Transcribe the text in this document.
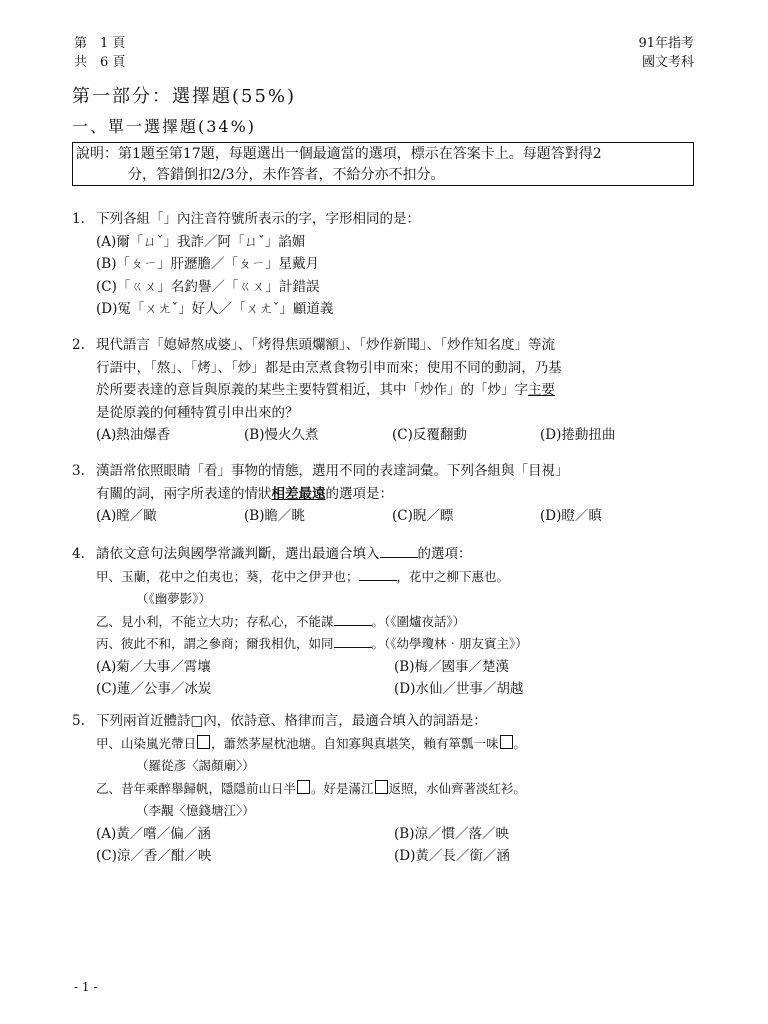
第　1 頁
共　6 頁
91年指考
國文考科
第一部分：選擇題(55%)
一、單一選擇題(34%)
說明：第1題至第17題，每題選出一個最適當的選項，標示在答案卡上。每題答對得2
分，答錯倒扣2/3分，未作答者，不給分亦不扣分。
1. 下列各組「」內注音符號所表示的字，字形相同的是：
(A)爾「ㄩˇ」我詐／阿「ㄩˇ」諂媚
(B)「ㄆㄧ」肝瀝膽／「ㄆㄧ」星戴月
(C)「ㄍㄨ」名釣譽／「ㄍㄨ」計錯誤
(D)冤「ㄨㄤˇ」好人／「ㄨㄤˇ」顧道義
2. 現代語言「媳婦熬成婆」、「烤得焦頭爛額」、「炒作新聞」、「炒作知名度」等流
行語中，「熬」、「烤」、「炒」都是由烹煮食物引申而來；使用不同的動詞，乃基
於所要表達的意旨與原義的某些主要特質相近，其中「炒作」的「炒」字主要
是從原義的何種特質引申出來的？
(A)熱油爆香	(B)慢火久煮	(C)反覆翻動	(D)捲動扭曲
3. 漢語常依照眼睛「看」事物的情態，選用不同的表達詞彙。下列各組與「目視」
有關的詞，兩字所表達的情狀相差最遠的選項是：
(A)瞠／瞰	(B)瞻／眺	(C)睨／瞟	(D)瞪／瞋
4. 請依文意句法與國學常識判斷，選出最適合填入	的選項：
甲、玉蘭，花中之伯夷也；葵，花中之伊尹也；	，花中之柳下惠也。
（《幽夢影》）
乙、見小利，不能立大功；存私心，不能謀	。（《圍爐夜話》）
丙、彼此不和，謂之參商；爾我相仇，如同	。（《幼學瓊林‧朋友賓主》）
(A)菊／大事／霄壤	(B)梅／國事／楚漢
(C)蓮／公事／冰炭	(D)水仙／世事／胡越
5. 下列兩首近體詩□內，依詩意、格律而言，最適合填入的詞語是：
甲、山染嵐光帶日 ，蕭然茅屋枕池塘。自知寡與真堪笑，賴有箪瓢一味 。
（羅從彥〈謁顏廟〉）
乙、昔年乘醉舉歸帆，隱隱前山日半 。好是滿江 返照，水仙齊著淡紅衫。
（李覯〈憶錢塘江〉）
(A)黃／嚐／偏／涵	(B)涼／慣／落／映
(C)涼／香／酣／映	(D)黃／長／銜／涵
- 1 -
